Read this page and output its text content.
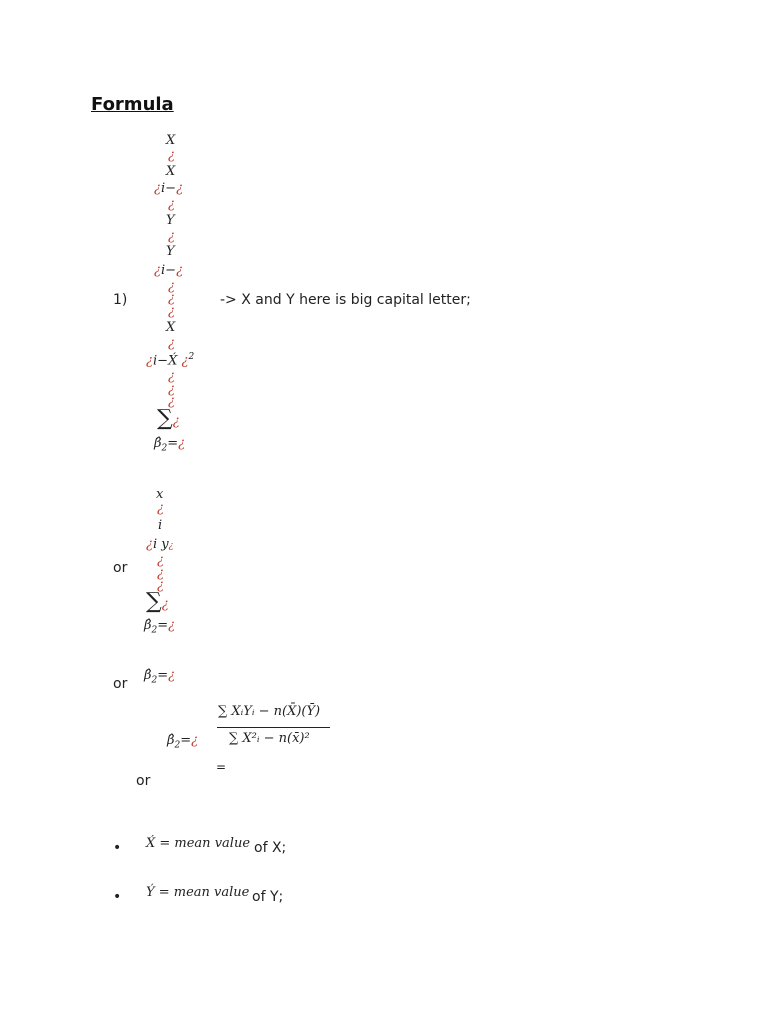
Formula
1)	-> X and Y here is big capital letter;
X
¿
X
¿i−¿
¿
Y
¿
Y
¿i−¿
¿
¿
¿
X
¿
¿i−X́ ¿$^2$
¿
¿
¿
∑¿
$\betâ_2=¿$
or
x
¿
i
¿i y¿
¿
¿
¿
∑¿
$\betâ_2=¿$
or
$\betâ_2=¿$
$\betâ_2=¿$
∑ XᵢYᵢ − n(X̄)(Ȳ)
∑ X²ᵢ − n(x̄)²
=
or
• X́ = mean value of X;
• Ý = mean value of Y;
